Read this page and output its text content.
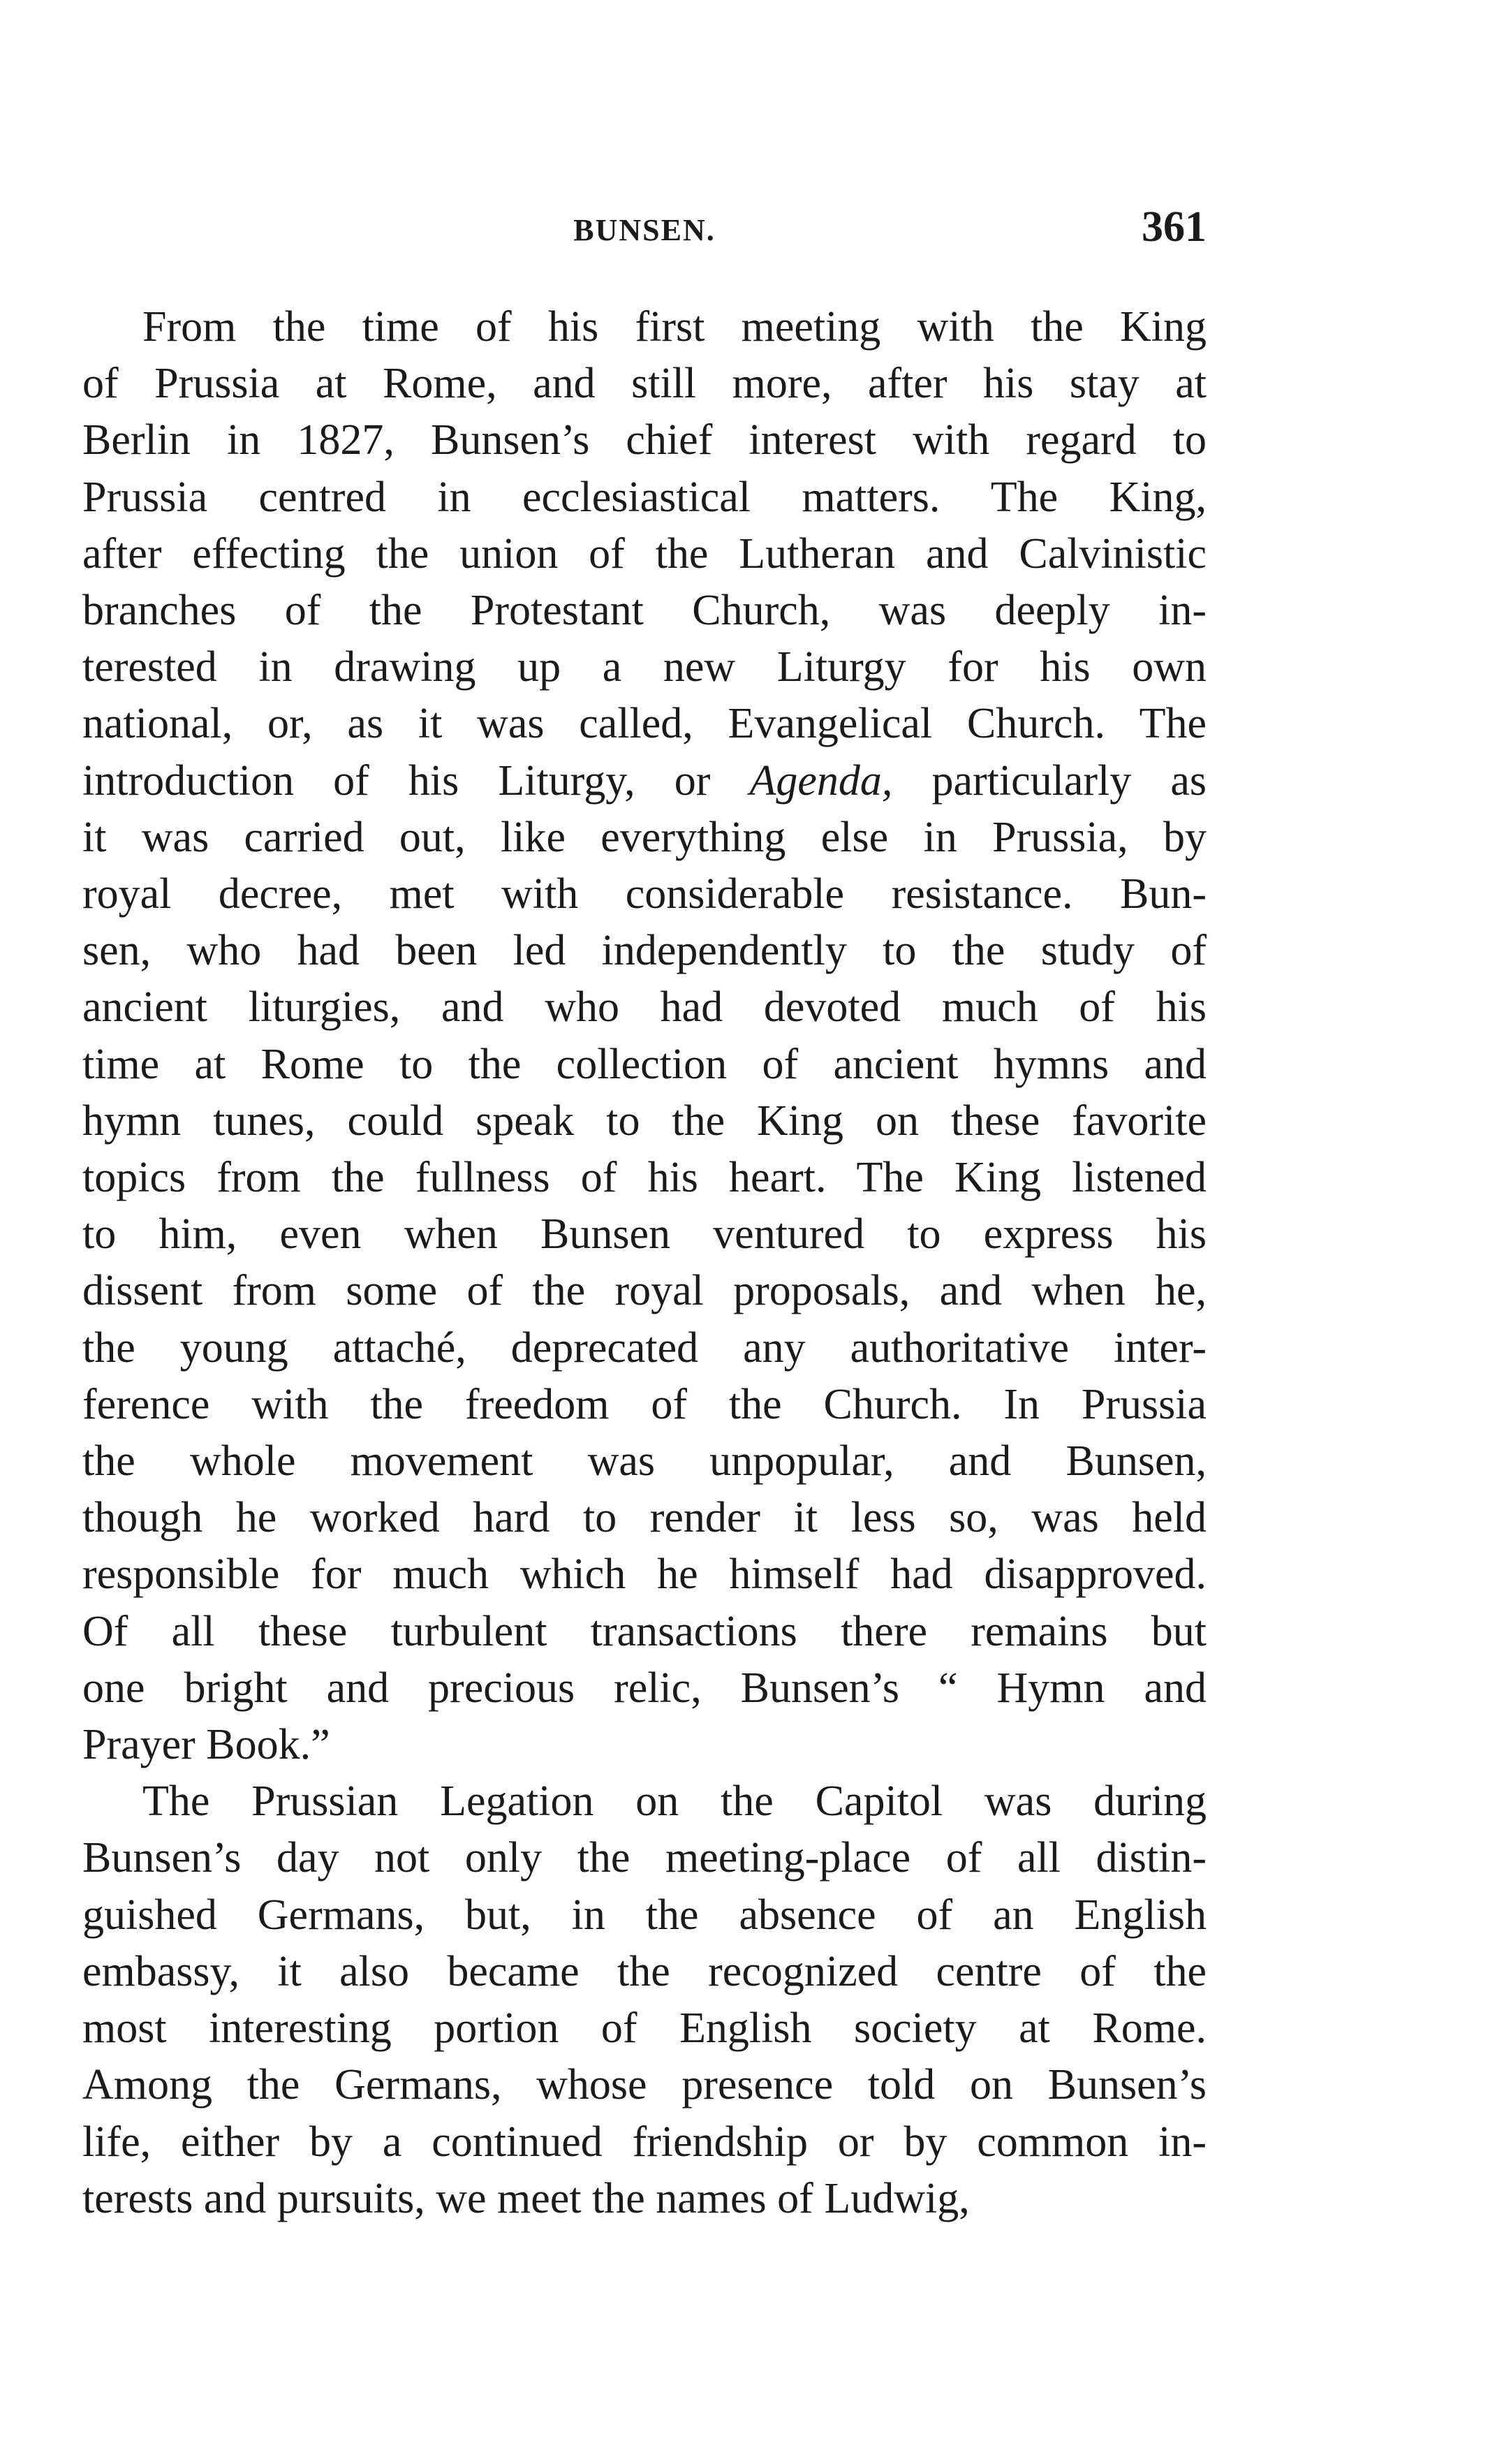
BUNSEN.	361
From the time of his first meeting with the King
of Prussia at Rome, and still more, after his stay at
Berlin in 1827, Bunsen’s chief interest with regard to
Prussia centred in ecclesiastical matters. The King,
after effecting the union of the Lutheran and Calvinistic
branches of the Protestant Church, was deeply in-
terested in drawing up a new Liturgy for his own
national, or, as it was called, Evangelical Church. The
introduction of his Liturgy, or Agenda, particularly as
it was carried out, like everything else in Prussia, by
royal decree, met with considerable resistance. Bun-
sen, who had been led independently to the study of
ancient liturgies, and who had devoted much of his
time at Rome to the collection of ancient hymns and
hymn tunes, could speak to the King on these favorite
topics from the fullness of his heart. The King listened
to him, even when Bunsen ventured to express his
dissent from some of the royal proposals, and when he,
the young attaché, deprecated any authoritative inter-
ference with the freedom of the Church. In Prussia
the whole movement was unpopular, and Bunsen,
though he worked hard to render it less so, was held
responsible for much which he himself had disapproved.
Of all these turbulent transactions there remains but
one bright and precious relic, Bunsen’s “ Hymn and
Prayer Book.”
The Prussian Legation on the Capitol was during
Bunsen’s day not only the meeting-place of all distin-
guished Germans, but, in the absence of an English
embassy, it also became the recognized centre of the
most interesting portion of English society at Rome.
Among the Germans, whose presence told on Bunsen’s
life, either by a continued friendship or by common in-
terests and pursuits, we meet the names of Ludwig,
